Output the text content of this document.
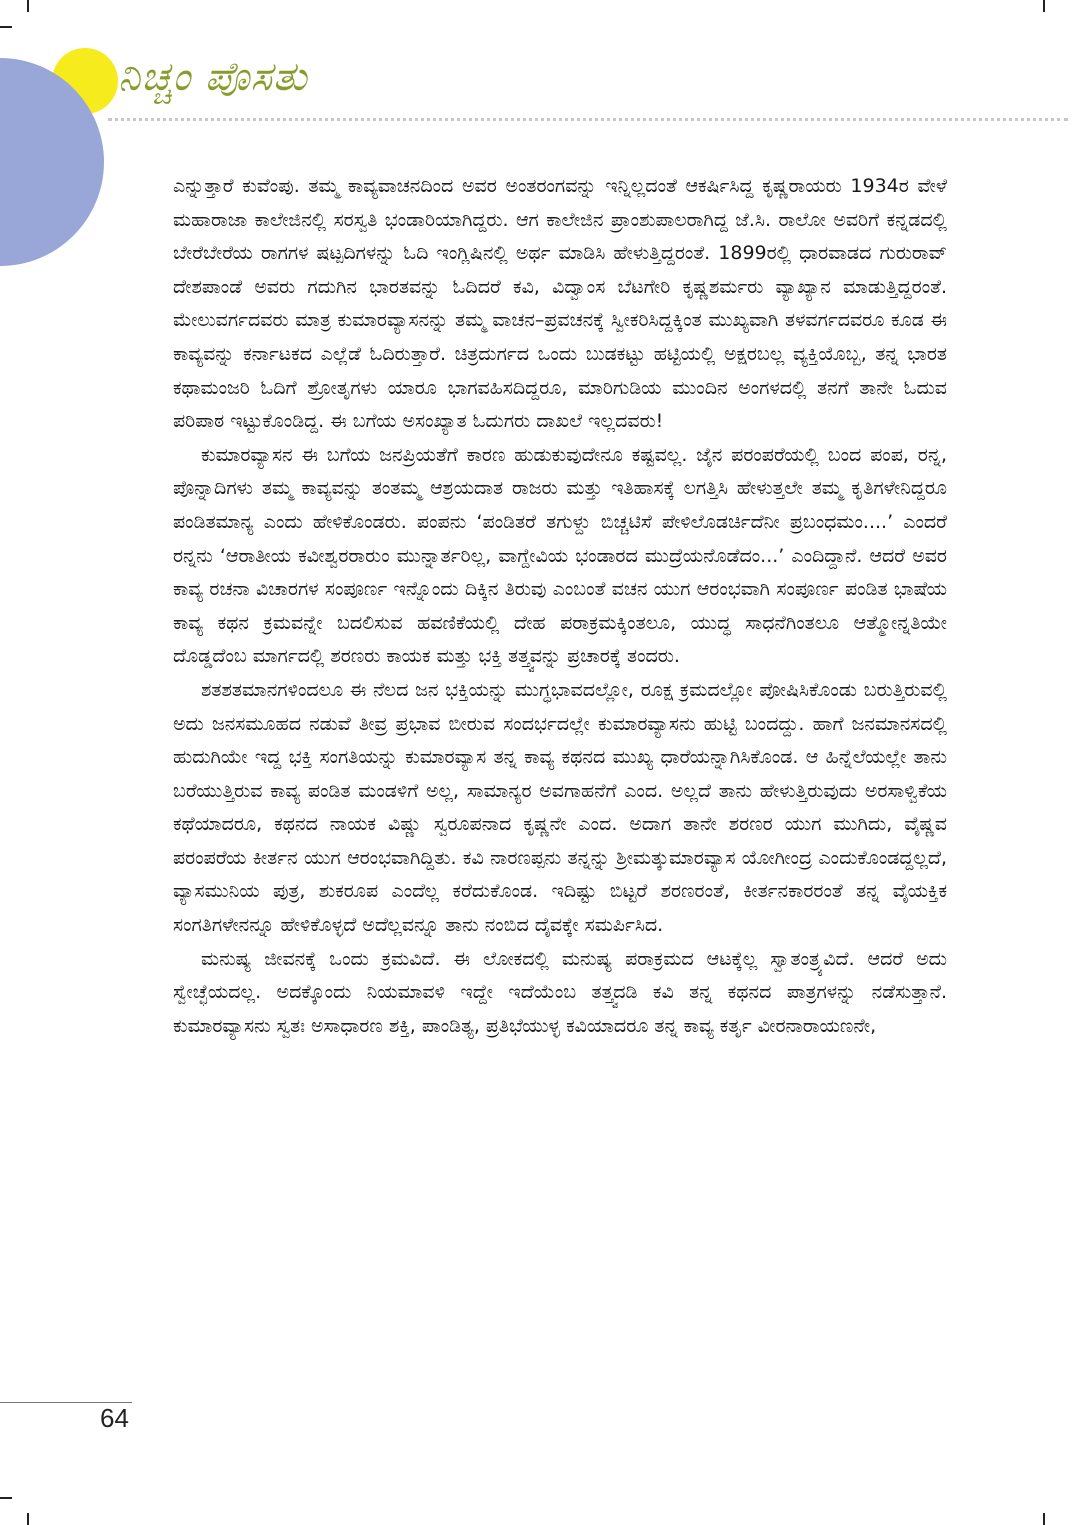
ನಿಚ್ಚಂ ಪೊಸತು

ಎನ್ನುತ್ತಾರೆ ಕುವೆಂಪು. ತಮ್ಮ ಕಾವ್ಯವಾಚನದಿಂದ ಅವರ ಅಂತರಂಗವನ್ನು ಇನ್ನಿಲ್ಲದಂತೆ ಆಕರ್ಷಿಸಿದ್ದ ಕೃಷ್ಣರಾಯರು 1934ರ ವೇಳೆ ಮಹಾರಾಜಾ ಕಾಲೇಜಿನಲ್ಲಿ ಸರಸ್ವತಿ ಭಂಡಾರಿಯಾಗಿದ್ದರು. ಆಗ ಕಾಲೇಜಿನ ಪ್ರಾಂಶುಪಾಲರಾಗಿದ್ದ ಜೆ.ಸಿ. ರಾಲೋ ಅವರಿಗೆ ಕನ್ನಡದಲ್ಲಿ ಬೇರೆಬೇರೆಯ ರಾಗಗಳ ಷಟ್ಪದಿಗಳನ್ನು ಓದಿ ಇಂಗ್ಲಿಷಿನಲ್ಲಿ ಅರ್ಥ ಮಾಡಿಸಿ ಹೇಳುತ್ತಿದ್ದರಂತೆ. 1899ರಲ್ಲಿ ಧಾರವಾಡದ ಗುರುರಾವ್ ದೇಶಪಾಂಡೆ ಅವರು ಗದುಗಿನ ಭಾರತವನ್ನು ಓದಿದರೆ ಕವಿ, ವಿದ್ವಾಂಸ ಬೆಟಗೇರಿ ಕೃಷ್ಣಶರ್ಮರು ವ್ಯಾಖ್ಯಾನ ಮಾಡುತ್ತಿದ್ದರಂತೆ. ಮೇಲುವರ್ಗದವರು ಮಾತ್ರ ಕುಮಾರವ್ಯಾಸನನ್ನು ತಮ್ಮ ವಾಚನ–ಪ್ರವಚನಕ್ಕೆ ಸ್ವೀಕರಿಸಿದ್ದಕ್ಕಿಂತ ಮುಖ್ಯವಾಗಿ ತಳವರ್ಗದವರೂ ಕೂಡ ಈ ಕಾವ್ಯವನ್ನು ಕರ್ನಾಟಕದ ಎಲ್ಲೆಡೆ ಓದಿರುತ್ತಾರೆ. ಚಿತ್ರದುರ್ಗದ ಒಂದು ಬುಡಕಟ್ಟು ಹಟ್ಟಿಯಲ್ಲಿ ಅಕ್ಷರಬಲ್ಲ ವ್ಯಕ್ತಿಯೊಬ್ಬ, ತನ್ನ ಭಾರತ ಕಥಾಮಂಜರಿ ಓದಿಗೆ ಶ್ರೋತೃಗಳು ಯಾರೂ ಭಾಗವಹಿಸದಿದ್ದರೂ, ಮಾರಿಗುಡಿಯ ಮುಂದಿನ ಅಂಗಳದಲ್ಲಿ ತನಗೆ ತಾನೇ ಓದುವ ಪರಿಪಾಠ ಇಟ್ಟುಕೊಂಡಿದ್ದ. ಈ ಬಗೆಯ ಅಸಂಖ್ಯಾತ ಓದುಗರು ದಾಖಲೆ ಇಲ್ಲದವರು!

ಕುಮಾರವ್ಯಾಸನ ಈ ಬಗೆಯ ಜನಪ್ರಿಯತೆಗೆ ಕಾರಣ ಹುಡುಕುವುದೇನೂ ಕಷ್ಟವಲ್ಲ. ಜೈನ ಪರಂಪರೆಯಲ್ಲಿ ಬಂದ ಪಂಪ, ರನ್ನ, ಪೊನ್ನಾದಿಗಳು ತಮ್ಮ ಕಾವ್ಯವನ್ನು ತಂತಮ್ಮ ಆಶ್ರಯದಾತ ರಾಜರು ಮತ್ತು ಇತಿಹಾಸಕ್ಕೆ ಲಗತ್ತಿಸಿ ಹೇಳುತ್ತಲೇ ತಮ್ಮ ಕೃತಿಗಳೇನಿದ್ದರೂ ಪಂಡಿತಮಾನ್ಯ ಎಂದು ಹೇಳಿಕೊಂಡರು. ಪಂಪನು ‘ಪಂಡಿತರೆ ತಗುಳ್ದು ಬಿಚ್ಚಟಿಸೆ ಪೇಳಿಲೊಡರ್ಚಿದೆನೀ ಪ್ರಬಂಧಮಂ....’ ಎಂದರೆ ರನ್ನನು ‘ಆರಾತೀಯ ಕವೀಶ್ವರರಾರುಂ ಮುನ್ನಾರ್ತರಿಲ್ಲ, ವಾಗ್ದೇವಿಯ ಭಂಡಾರದ ಮುದ್ರೆಯನೊಡೆದಂ...’ ಎಂದಿದ್ದಾನೆ. ಆದರೆ ಅವರ ಕಾವ್ಯ ರಚನಾ ವಿಚಾರಗಳ ಸಂಪೂರ್ಣ ಇನ್ನೊಂದು ದಿಕ್ಕಿನ ತಿರುವು ಎಂಬಂತೆ ವಚನ ಯುಗ ಆರಂಭವಾಗಿ ಸಂಪೂರ್ಣ ಪಂಡಿತ ಭಾಷೆಯ ಕಾವ್ಯ ಕಥನ ಕ್ರಮವನ್ನೇ ಬದಲಿಸುವ ಹವಣಿಕೆಯಲ್ಲಿ ದೇಹ ಪರಾಕ್ರಮಕ್ಕಿಂತಲೂ, ಯುದ್ಧ ಸಾಧನೆಗಿಂತಲೂ ಆತ್ಮೋನ್ನತಿಯೇ ದೊಡ್ಡದೆಂಬ ಮಾರ್ಗದಲ್ಲಿ ಶರಣರು ಕಾಯಕ ಮತ್ತು ಭಕ್ತಿ ತತ್ತ್ವವನ್ನು ಪ್ರಚಾರಕ್ಕೆ ತಂದರು.

ಶತಶತಮಾನಗಳಿಂದಲೂ ಈ ನೆಲದ ಜನ ಭಕ್ತಿಯನ್ನು ಮುಗ್ಧಭಾವದಲ್ಲೋ, ರೂಕ್ಷ ಕ್ರಮದಲ್ಲೋ ಪೋಷಿಸಿಕೊಂಡು ಬರುತ್ತಿರುವಲ್ಲಿ ಅದು ಜನಸಮೂಹದ ನಡುವೆ ತೀವ್ರ ಪ್ರಭಾವ ಬೀರುವ ಸಂದರ್ಭದಲ್ಲೇ ಕುಮಾರವ್ಯಾಸನು ಹುಟ್ಟಿ ಬಂದದ್ದು. ಹಾಗೆ ಜನಮಾನಸದಲ್ಲಿ ಹುದುಗಿಯೇ ಇದ್ದ ಭಕ್ತಿ ಸಂಗತಿಯನ್ನು ಕುಮಾರವ್ಯಾಸ ತನ್ನ ಕಾವ್ಯ ಕಥನದ ಮುಖ್ಯ ಧಾರೆಯನ್ನಾಗಿಸಿಕೊಂಡ. ಆ ಹಿನ್ನೆಲೆಯಲ್ಲೇ ತಾನು ಬರೆಯುತ್ತಿರುವ ಕಾವ್ಯ ಪಂಡಿತ ಮಂಡಳಿಗೆ ಅಲ್ಲ, ಸಾಮಾನ್ಯರ ಅವಗಾಹನೆಗೆ ಎಂದ. ಅಲ್ಲದೆ ತಾನು ಹೇಳುತ್ತಿರುವುದು ಅರಸಾಳ್ವಿಕೆಯ ಕಥೆಯಾದರೂ, ಕಥನದ ನಾಯಕ ವಿಷ್ಣು ಸ್ವರೂಪನಾದ ಕೃಷ್ಣನೇ ಎಂದ. ಅದಾಗ ತಾನೇ ಶರಣರ ಯುಗ ಮುಗಿದು, ವೈಷ್ಣವ ಪರಂಪರೆಯ ಕೀರ್ತನ ಯುಗ ಆರಂಭವಾಗಿದ್ದಿತು. ಕವಿ ನಾರಣಪ್ಪನು ತನ್ನನ್ನು ಶ್ರೀಮತ್ಕುಮಾರವ್ಯಾಸ ಯೋಗೀಂದ್ರ ಎಂದುಕೊಂಡದ್ದಲ್ಲದೆ, ವ್ಯಾಸಮುನಿಯ ಪುತ್ರ, ಶುಕರೂಪ ಎಂದೆಲ್ಲ ಕರೆದುಕೊಂಡ. ಇದಿಷ್ಟು ಬಿಟ್ಟರೆ ಶರಣರಂತೆ, ಕೀರ್ತನಕಾರರಂತೆ ತನ್ನ ವೈಯಕ್ತಿಕ ಸಂಗತಿಗಳೇನನ್ನೂ ಹೇಳಿಕೊಳ್ಳದೆ ಅದೆಲ್ಲವನ್ನೂ ತಾನು ನಂಬಿದ ದೈವಕ್ಕೇ ಸಮರ್ಪಿಸಿದ.

ಮನುಷ್ಯ ಜೀವನಕ್ಕೆ ಒಂದು ಕ್ರಮವಿದೆ. ಈ ಲೋಕದಲ್ಲಿ ಮನುಷ್ಯ ಪರಾಕ್ರಮದ ಆಟಕ್ಕೆಲ್ಲ ಸ್ವಾತಂತ್ರ್ಯವಿದೆ. ಆದರೆ ಅದು ಸ್ವೇಚ್ಛೆಯದಲ್ಲ. ಅದಕ್ಕೊಂದು ನಿಯಮಾವಳಿ ಇದ್ದೇ ಇದೆಯೆಂಬ ತತ್ತ್ವದಡಿ ಕವಿ ತನ್ನ ಕಥನದ ಪಾತ್ರಗಳನ್ನು ನಡೆಸುತ್ತಾನೆ. ಕುಮಾರವ್ಯಾಸನು ಸ್ವತಃ ಅಸಾಧಾರಣ ಶಕ್ತಿ, ಪಾಂಡಿತ್ಯ, ಪ್ರತಿಭೆಯುಳ್ಳ ಕವಿಯಾದರೂ ತನ್ನ ಕಾವ್ಯ ಕರ್ತೃ ವೀರನಾರಾಯಣನೇ,

64
